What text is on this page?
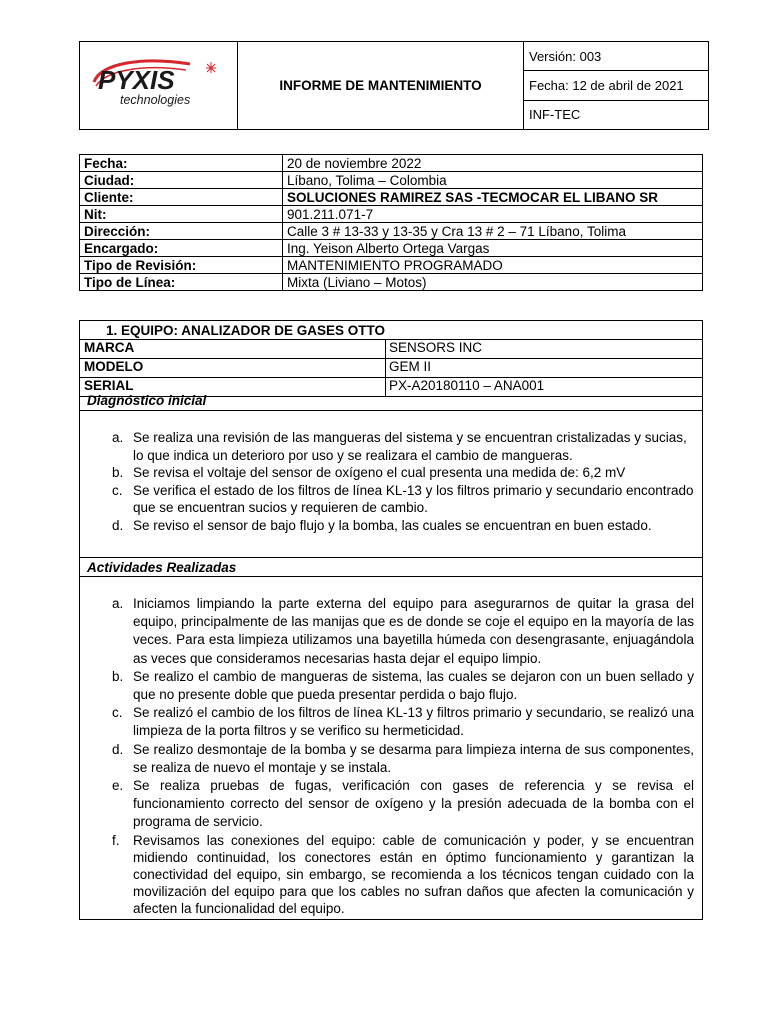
PYXIS
technologies
	INFORME DE MANTENIMIENTO	Versión: 003
Fecha: 12 de abril de 2021
INF-TEC
Fecha:	20 de noviembre 2022
Ciudad:	Líbano, Tolima – Colombia
Cliente:	SOLUCIONES RAMIREZ SAS -TECMOCAR EL LIBANO SR
Nit:	901.211.071-7
Dirección:	Calle 3 # 13-33 y 13-35 y Cra 13 # 2 – 71 Líbano, Tolima
Encargado:	Ing. Yeison Alberto Ortega Vargas
Tipo de Revisión:	MANTENIMIENTO PROGRAMADO
Tipo de Línea:	Mixta (Liviano – Motos)
1. EQUIPO: ANALIZADOR DE GASES OTTO
MARCA	SENSORS INC
MODELO	GEM II
SERIAL	PX-A20180110 – ANA001
Diagnóstico inicial
a. Se realiza una revisión de las mangueras del sistema y se encuentran cristalizadas y sucias, lo que indica un deterioro por uso y se realizara el cambio de mangueras.
b. Se revisa el voltaje del sensor de oxígeno el cual presenta una medida de: 6,2 mV
c. Se verifica el estado de los filtros de línea KL-13 y los filtros primario y secundario encontrado que se encuentran sucios y requieren de cambio.
d. Se reviso el sensor de bajo flujo y la bomba, las cuales se encuentran en buen estado.
Actividades Realizadas
a. Iniciamos limpiando la parte externa del equipo para asegurarnos de quitar la grasa del equipo, principalmente de las manijas que es de donde se coje el equipo en la mayoría de las veces. Para esta limpieza utilizamos una bayetilla húmeda con desengrasante, enjuagándola as veces que consideramos necesarias hasta dejar el equipo limpio.
b. Se realizo el cambio de mangueras de sistema, las cuales se dejaron con un buen sellado y que no presente doble que pueda presentar perdida o bajo flujo.
c. Se realizó el cambio de los filtros de línea KL-13 y filtros primario y secundario, se realizó una limpieza de la porta filtros y se verifico su hermeticidad.
d. Se realizo desmontaje de la bomba y se desarma para limpieza interna de sus componentes, se realiza de nuevo el montaje y se instala.
e. Se realiza pruebas de fugas, verificación con gases de referencia y se revisa el funcionamiento correcto del sensor de oxígeno y la presión adecuada de la bomba con el programa de servicio.
f. Revisamos las conexiones del equipo: cable de comunicación y poder, y se encuentran midiendo continuidad, los conectores están en óptimo funcionamiento y garantizan la conectividad del equipo, sin embargo, se recomienda a los técnicos tengan cuidado con la movilización del equipo para que los cables no sufran daños que afecten la comunicación y afecten la funcionalidad del equipo.
